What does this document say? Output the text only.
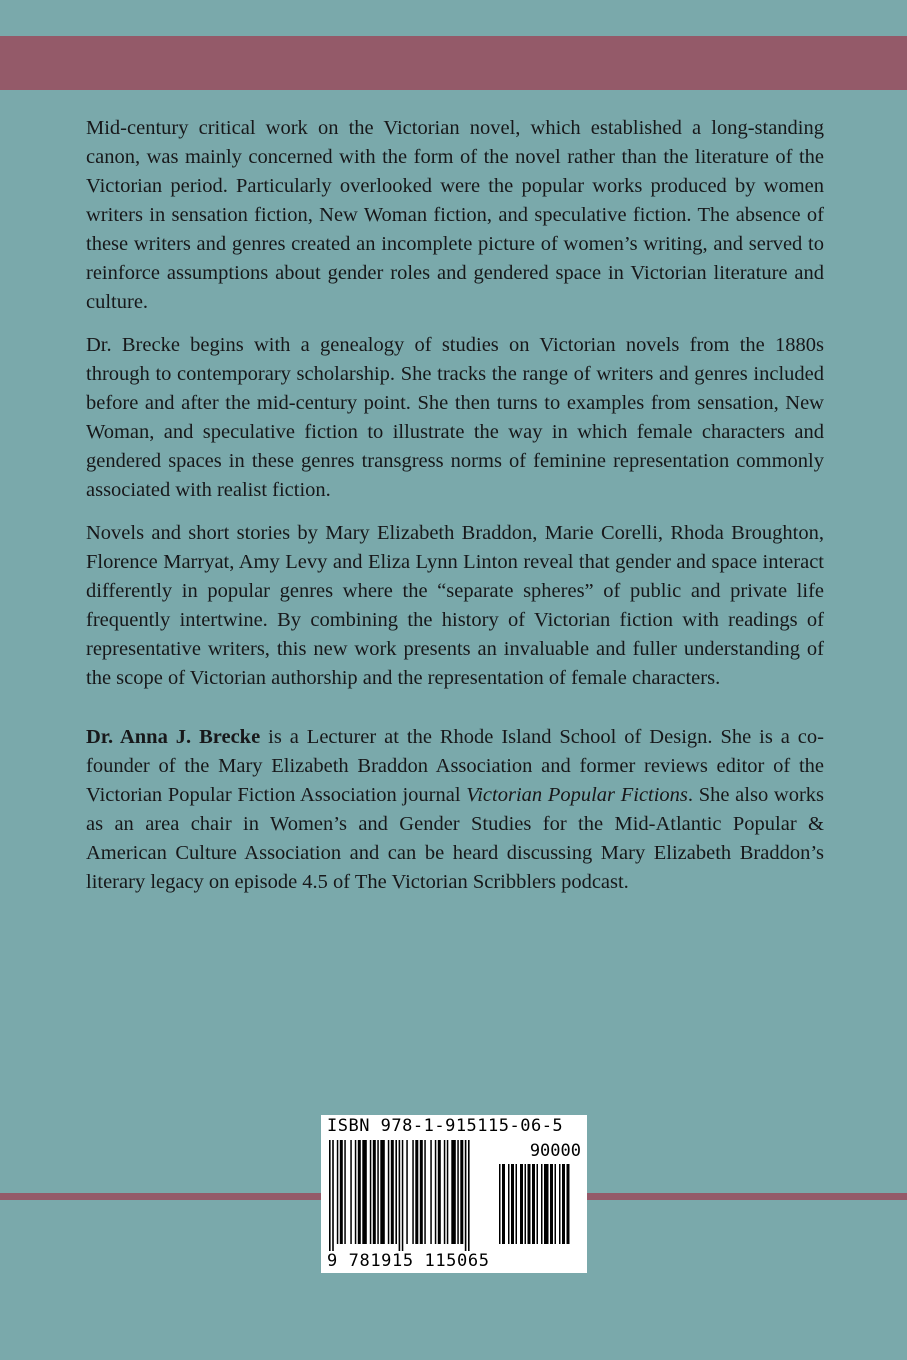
Mid-century critical work on the Victorian novel, which established a long-standing canon, was mainly concerned with the form of the novel rather than the literature of the Victorian period. Particularly overlooked were the popular works produced by women writers in sensation fiction, New Woman fiction, and speculative fiction. The absence of these writers and genres created an incomplete picture of women’s writing, and served to reinforce assumptions about gender roles and gendered space in Victorian literature and culture.

Dr. Brecke begins with a genealogy of studies on Victorian novels from the 1880s through to contemporary scholarship. She tracks the range of writers and genres included before and after the mid-century point. She then turns to examples from sensation, New Woman, and speculative fiction to illustrate the way in which female characters and gendered spaces in these genres transgress norms of feminine representation commonly associated with realist fiction.

Novels and short stories by Mary Elizabeth Braddon, Marie Corelli, Rhoda Broughton, Florence Marryat, Amy Levy and Eliza Lynn Linton reveal that gender and space interact differently in popular genres where the “separate spheres” of public and private life frequently intertwine. By combining the history of Victorian fiction with readings of representative writers, this new work presents an invaluable and fuller understanding of the scope of Victorian authorship and the representation of female characters.

Dr. Anna J. Brecke is a Lecturer at the Rhode Island School of Design. She is a co-founder of the Mary Elizabeth Braddon Association and former reviews editor of the Victorian Popular Fiction Association journal Victorian Popular Fictions. She also works as an area chair in Women’s and Gender Studies for the Mid-Atlantic Popular & American Culture Association and can be heard discussing Mary Elizabeth Braddon’s literary legacy on episode 4.5 of The Victorian Scribblers podcast.

ISBN 978-1-915115-06-5
90000
9 781915 115065
